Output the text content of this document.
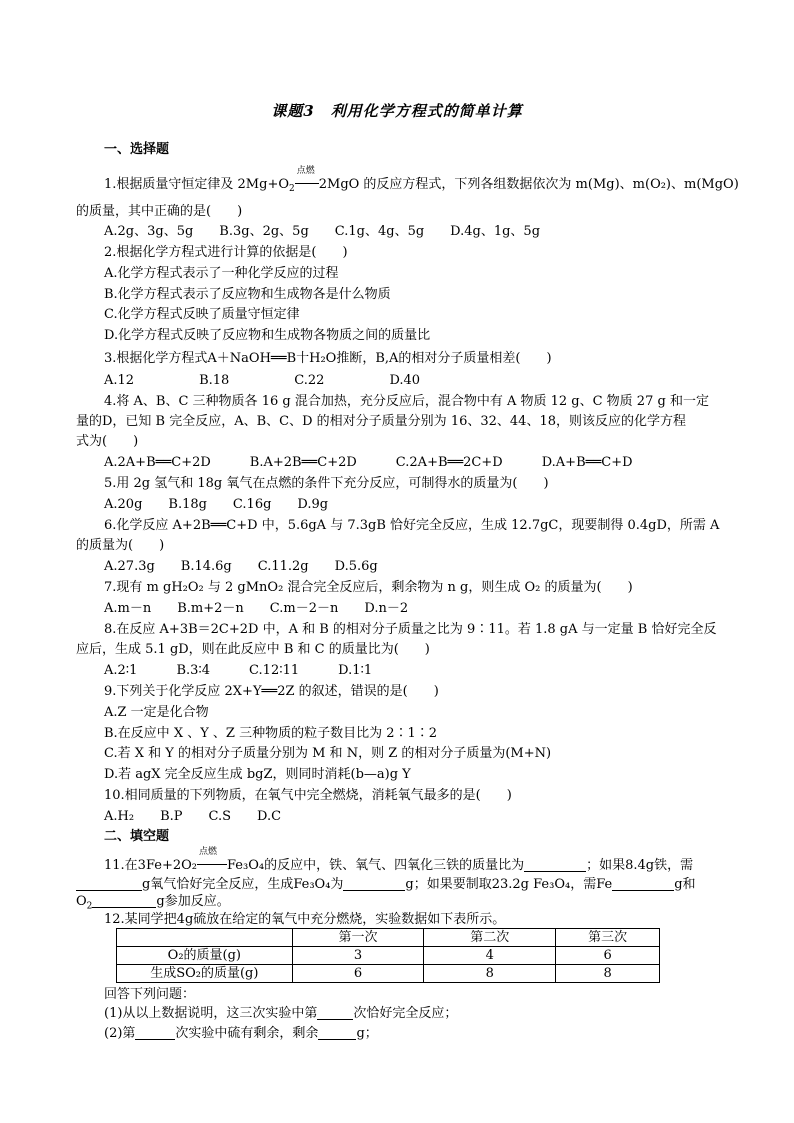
课题3　利用化学方程式的简单计算
一、选择题
1.根据质量守恒定律及 $2Mg+O_2$
点燃
2MgO 的反应方程式，下列各组数据依次为 m(Mg)、m(O₂)、m(MgO)
的质量，其中正确的是(　　)
A.2g、3g、5g　　B.3g、2g、5g　　C.1g、4g、5g　　D.4g、1g、5g
2.根据化学方程式进行计算的依据是(　　)
A.化学方程式表示了一种化学反应的过程
B.化学方程式表示了反应物和生成物各是什么物质
C.化学方程式反映了质量守恒定律
D.化学方程式反映了反应物和生成物各物质之间的质量比
3.根据化学方程式A＋NaOH══B十H₂O推断，B,A的相对分子质量相差(　　)
A.12　　　　　B.18　　　　　C.22　　　　　D.40
4.将 A、B、C 三种物质各 16 g 混合加热，充分反应后，混合物中有 A 物质 12 g、C 物质 27 g 和一定
量的D，已知 B 完全反应，A、B、C、D 的相对分子质量分别为 16、32、44、18，则该反应的化学方程
式为(　　)
A.2A+B══C+2D　　　B.A+2B══C+2D　　　C.2A+B══2C+D　　　D.A+B══C+D
5.用 2g 氢气和 18g 氧气在点燃的条件下充分反应，可制得水的质量为(　　)
A.20g　　B.18g　　C.16g　　D.9g
6.化学反应 A+2B══C+D 中，5.6gA 与 7.3gB 恰好完全反应，生成 12.7gC，现要制得 0.4gD，所需 A
的质量为(　　)
A.27.3g　　B.14.6g　　C.11.2g　　D.5.6g
7.现有 m gH₂O₂ 与 2 gMnO₂ 混合完全反应后，剩余物为 n g，则生成 O₂ 的质量为(　　)
A.m－n　　B.m+2－n　　C.m－2－n　　D.n－2
8.在反应 A+3B＝2C+2D 中，A 和 B 的相对分子质量之比为 9∶11。若 1.8 gA 与一定量 B 恰好完全反
应后，生成 5.1 gD，则在此反应中 B 和 C 的质量比为(　　)
A.2∶1　　　B.3∶4　　　C.12∶11　　　D.1∶1
9.下列关于化学反应 2X+Y══2Z 的叙述，错误的是(　　)
A.Z 一定是化合物
B.在反应中 X 、Y 、Z 三种物质的粒子数目比为 2∶1∶2
C.若 X 和 Y 的相对分子质量分别为 M 和 N，则 Z 的相对分子质量为(M+N)
D.若 agX 完全反应生成 bgZ，则同时消耗(b—a)g Y
10.相同质量的下列物质，在氧气中完全燃烧，消耗氧气最多的是(　　)
A.H₂　　B.P　　C.S　　D.C
二、填空题
11.在3Fe+2O₂
点燃
Fe₃O₄的反应中，铁、氧气、四氧化三铁的质量比为	；如果8.4g铁，需
g氧气恰好完全反应，生成Fe₃O₄为	g；如果要制取23.2g Fe₃O₄，需Fe	g和
$O_2$	g参加反应。
12.某同学把4g硫放在给定的氧气中充分燃烧，实验数据如下表所示。
	第一次	第二次	第三次
O₂的质量(g)	3	4	6
生成SO₂的质量(g)	6	8	8
回答下列问题：
(1)从以上数据说明，这三次实验中第	次恰好完全反应；
(2)第	次实验中硫有剩余，剩余	g；
